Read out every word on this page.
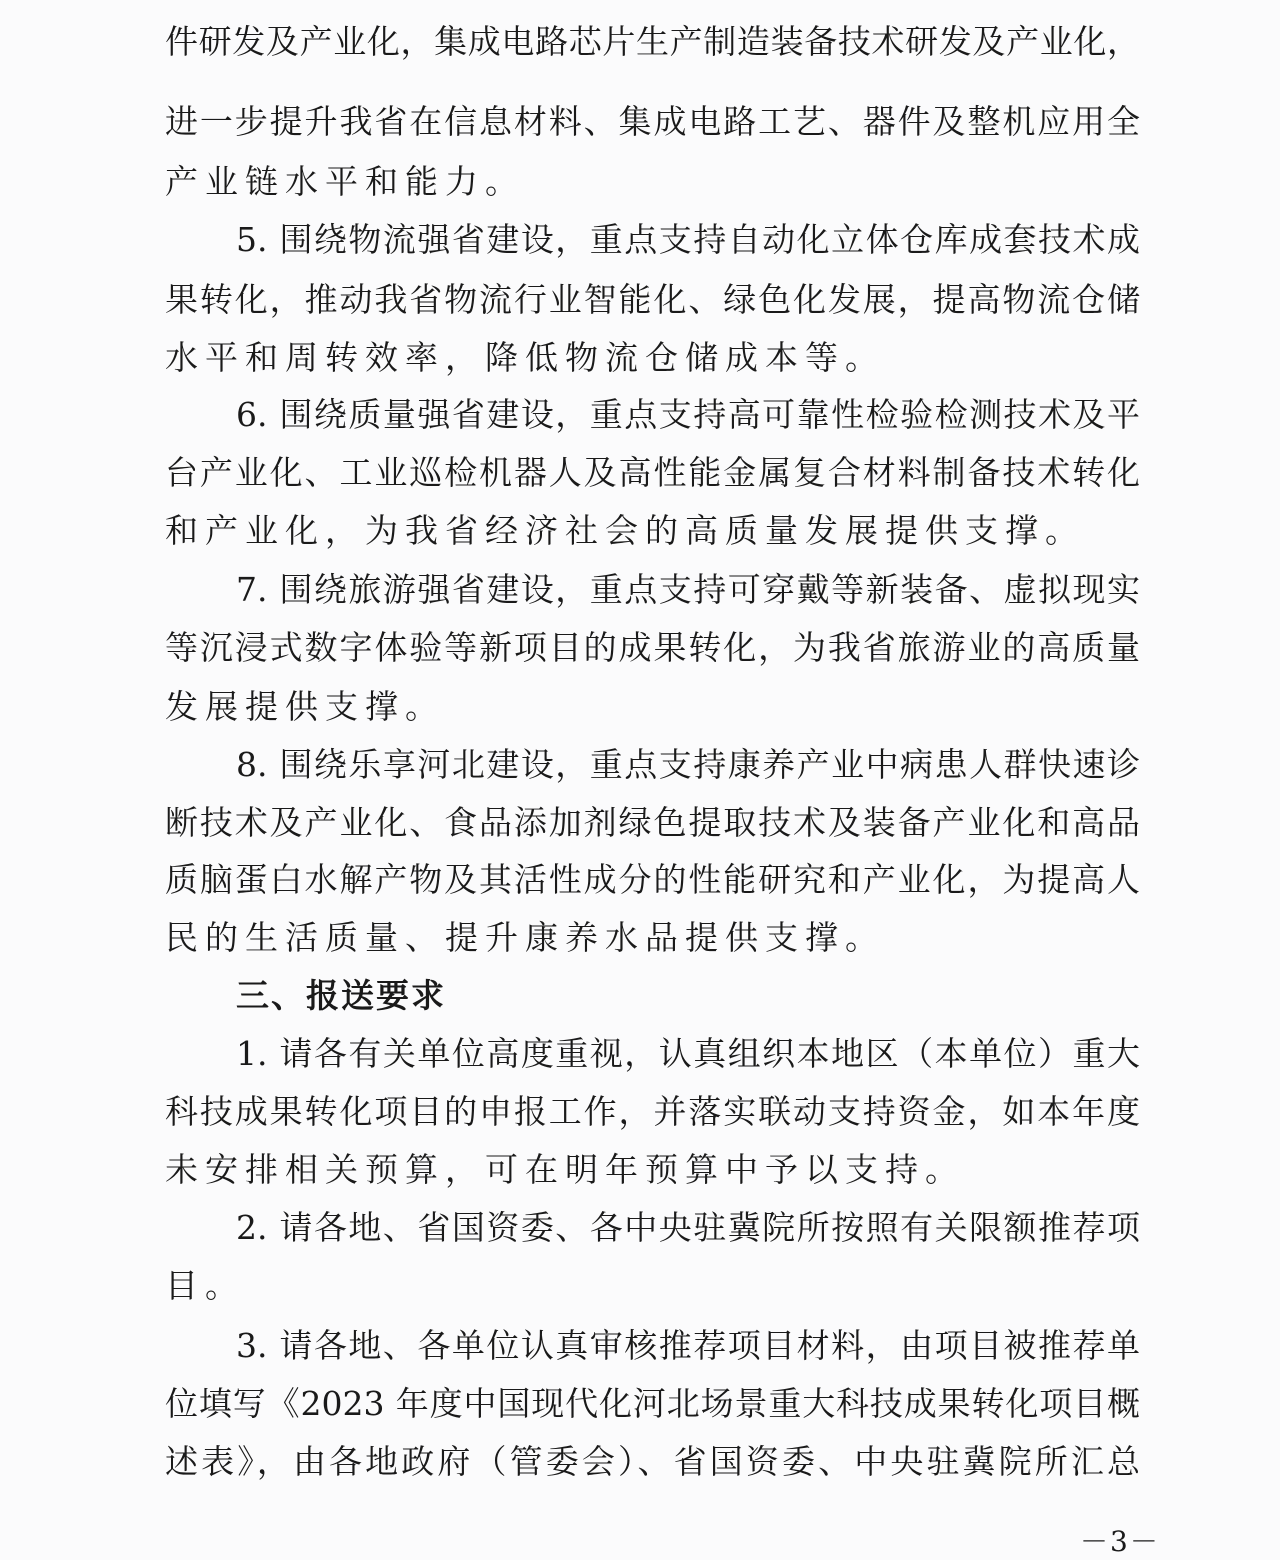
件研发及产业化，集成电路芯片生产制造装备技术研发及产业化，
进一步提升我省在信息材料、集成电路工艺、器件及整机应用全
产业链水平和能力。
5. 围绕物流强省建设，重点支持自动化立体仓库成套技术成
果转化，推动我省物流行业智能化、绿色化发展，提高物流仓储
水平和周转效率，降低物流仓储成本等。
6. 围绕质量强省建设，重点支持高可靠性检验检测技术及平
台产业化、工业巡检机器人及高性能金属复合材料制备技术转化
和产业化，为我省经济社会的高质量发展提供支撑。
7. 围绕旅游强省建设，重点支持可穿戴等新装备、虚拟现实
等沉浸式数字体验等新项目的成果转化，为我省旅游业的高质量
发展提供支撑。
8. 围绕乐享河北建设，重点支持康养产业中病患人群快速诊
断技术及产业化、食品添加剂绿色提取技术及装备产业化和高品
质脑蛋白水解产物及其活性成分的性能研究和产业化，为提高人
民的生活质量、提升康养水品提供支撑。
三、报送要求
1. 请各有关单位高度重视，认真组织本地区（本单位）重大
科技成果转化项目的申报工作，并落实联动支持资金，如本年度
未安排相关预算，可在明年预算中予以支持。
2. 请各地、省国资委、各中央驻冀院所按照有关限额推荐项
目。
3. 请各地、各单位认真审核推荐项目材料，由项目被推荐单
位填写《2023 年度中国现代化河北场景重大科技成果转化项目概
述表》，由各地政府（管委会）、省国资委、中央驻冀院所汇总
－3－
